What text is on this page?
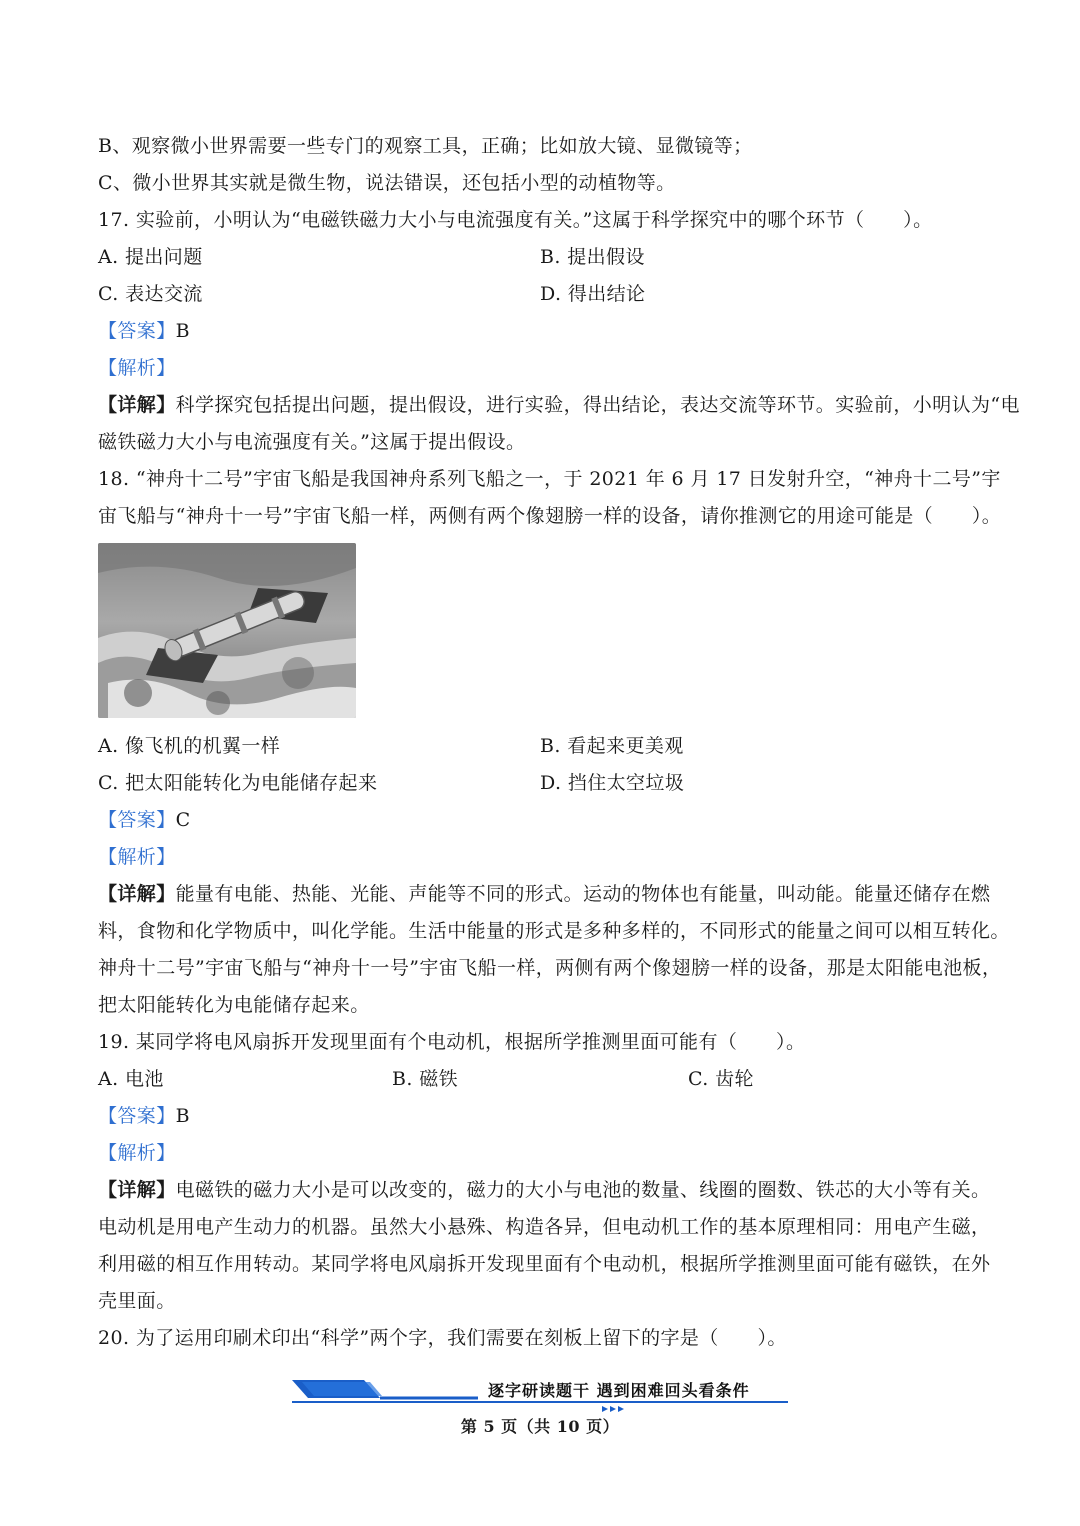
B、观察微小世界需要一些专门的观察工具，正确；比如放大镜、显微镜等；
C、微小世界其实就是微生物，说法错误，还包括小型的动植物等。
17. 实验前，小明认为“电磁铁磁力大小与电流强度有关。”这属于科学探究中的哪个环节（　　）。
A. 提出问题	B. 提出假设
C. 表达交流	D. 得出结论
【答案】B
【解析】
【详解】科学探究包括提出问题，提出假设，进行实验，得出结论，表达交流等环节。实验前，小明认为“电
磁铁磁力大小与电流强度有关。”这属于提出假设。
18. “神舟十二号”宇宙飞船是我国神舟系列飞船之一，于 2021 年 6 月 17 日发射升空，“神舟十二号”宇
宙飞船与“神舟十一号”宇宙飞船一样，两侧有两个像翅膀一样的设备，请你推测它的用途可能是（　　）。
A. 像飞机的机翼一样	B. 看起来更美观
C. 把太阳能转化为电能储存起来	D. 挡住太空垃圾
【答案】C
【解析】
【详解】能量有电能、热能、光能、声能等不同的形式。运动的物体也有能量，叫动能。能量还储存在燃
料，食物和化学物质中，叫化学能。生活中能量的形式是多种多样的，不同形式的能量之间可以相互转化。
神舟十二号”宇宙飞船与“神舟十一号”宇宙飞船一样，两侧有两个像翅膀一样的设备，那是太阳能电池板，
把太阳能转化为电能储存起来。
19. 某同学将电风扇拆开发现里面有个电动机，根据所学推测里面可能有（　　）。
A. 电池	B. 磁铁	C. 齿轮
【答案】B
【解析】
【详解】电磁铁的磁力大小是可以改变的，磁力的大小与电池的数量、线圈的圈数、铁芯的大小等有关。
电动机是用电产生动力的机器。虽然大小悬殊、构造各异，但电动机工作的基本原理相同：用电产生磁，
利用磁的相互作用转动。某同学将电风扇拆开发现里面有个电动机，根据所学推测里面可能有磁铁，在外
壳里面。
20. 为了运用印刷术印出“科学”两个字，我们需要在刻板上留下的字是（　　）。
逐字研读题干 遇到困难回头看条件
第 5 页（共 10 页）
